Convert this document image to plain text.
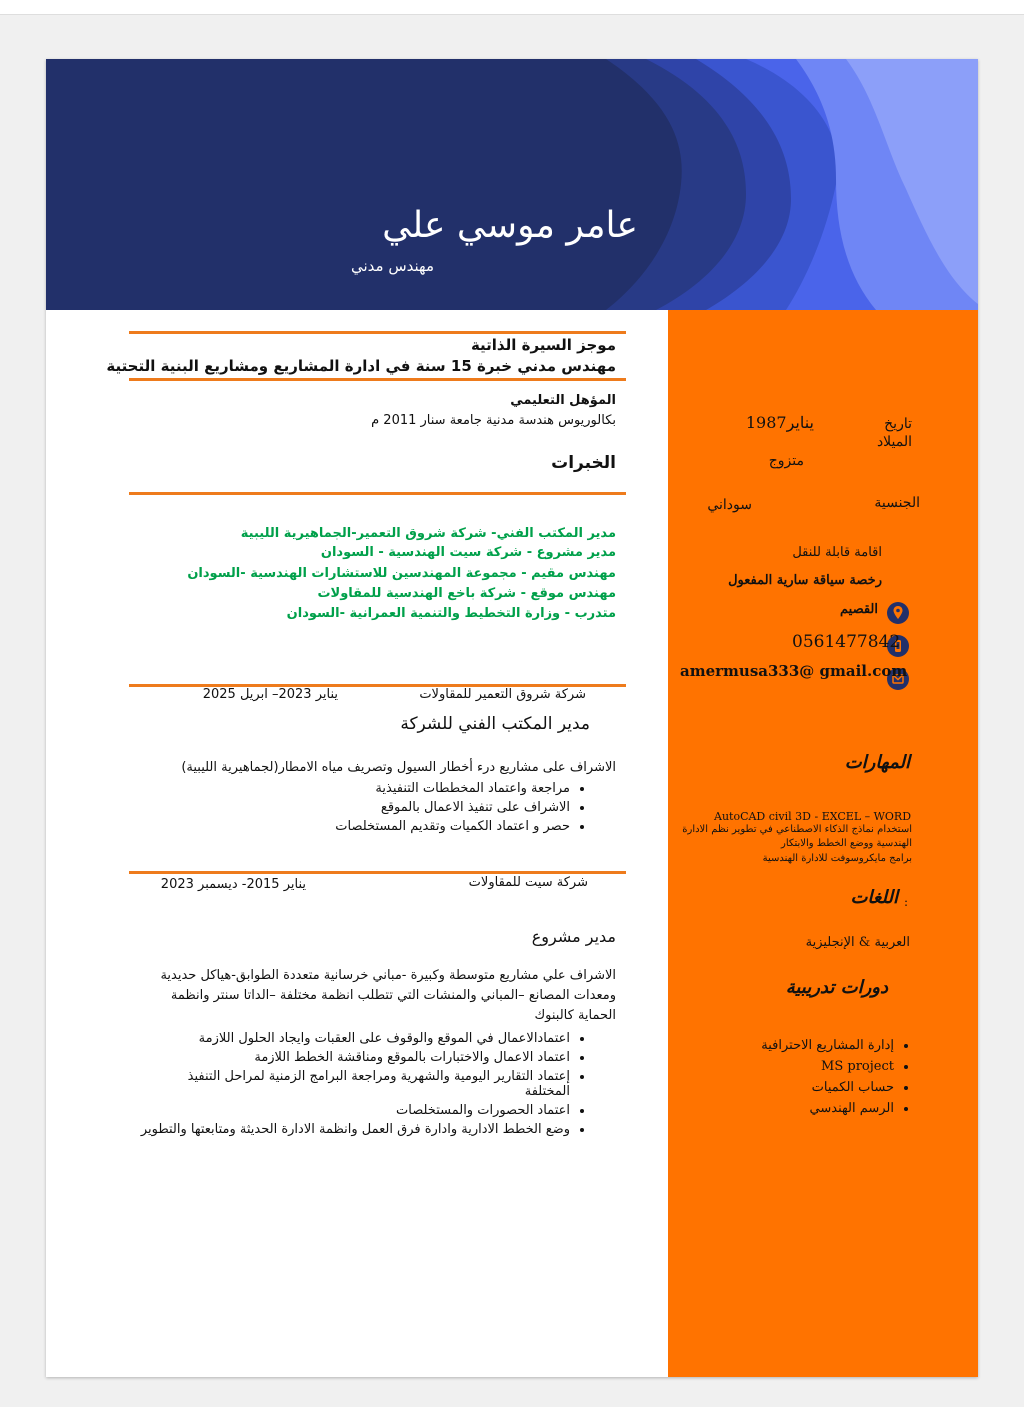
عامر موسي علي
مهندس مدني
موجز السيرة الذاتية
مهندس مدني خبرة 15 سنة في ادارة المشاريع ومشاريع البنية التحتية
المؤهل التعليمي
بكالوريوس هندسة مدنية جامعة سنار 2011 م
الخبرات
مدير المكتب الفني- شركة شروق التعمير-الجماهيرية الليبية
مدير مشروع - شركة سيت الهندسية - السودان
مهندس مقيم - مجموعة المهندسين للاستشارات الهندسية -السودان
مهندس موقع - شركة باخع الهندسية للمقاولات
متدرب - وزارة التخطيط والتنمية العمرانية -السودان
شركة شروق التعمير للمقاولات
يناير 2023– ابريل 2025
مدير المكتب الفني للشركة
الاشراف على مشاريع درء أخطار السيول وتصريف مياه الامطار(لجماهيرية الليبية)
• مراجعة واعتماد المخططات التنفيذية
• الاشراف على تنفيذ الاعمال بالموقع
• حصر و اعتماد الكميات وتقديم المستخلصات
شركة سيت للمقاولات
يناير 2015- ديسمبر 2023
مدير مشروع
الاشراف علي مشاريع متوسطة وكبيرة -مباني خرسانية متعددة الطوابق-هياكل حديدية
ومعدات المصانع –المباني والمنشات التي تتطلب انظمة مختلفة –الداتا سنتر وانظمة
الحماية كالبنوك
• اعتمادالاعمال في الموقع والوقوف على العقبات وايجاد الحلول اللازمة
• اعتماد الاعمال والاختبارات بالموقع ومناقشة الخطط اللازمة
• إعتماد التقارير اليومية والشهرية ومراجعة البرامج الزمنية لمراحل التنفيذ المختلفة
• اعتماد الحصورات والمستخلصات
• وضع الخطط الادارية وادارة فرق العمل وانظمة الادارة الحديثة ومتابعتها والتطوير
تاريخ الميلاد
يناير1987
متزوج
الجنسية
سوداني
اقامة قابلة للنقل
رخصة سياقة سارية المفعول
القصيم
0561477842
amermusa333@ gmail.com
المهارات
AutoCAD civil 3D - EXCEL – WORD
استخدام نماذج الذكاء الاصطناعي في تطوير نظم الادارة
الهندسية ووضع الخطط والابتكار
برامج مايكروسوفت للادارة الهندسية
اللغات :
العربية & الإنجليزية
دورات تدريبية
• إدارة المشاريع الاحترافية
• MS project
• حساب الكميات
• الرسم الهندسي
